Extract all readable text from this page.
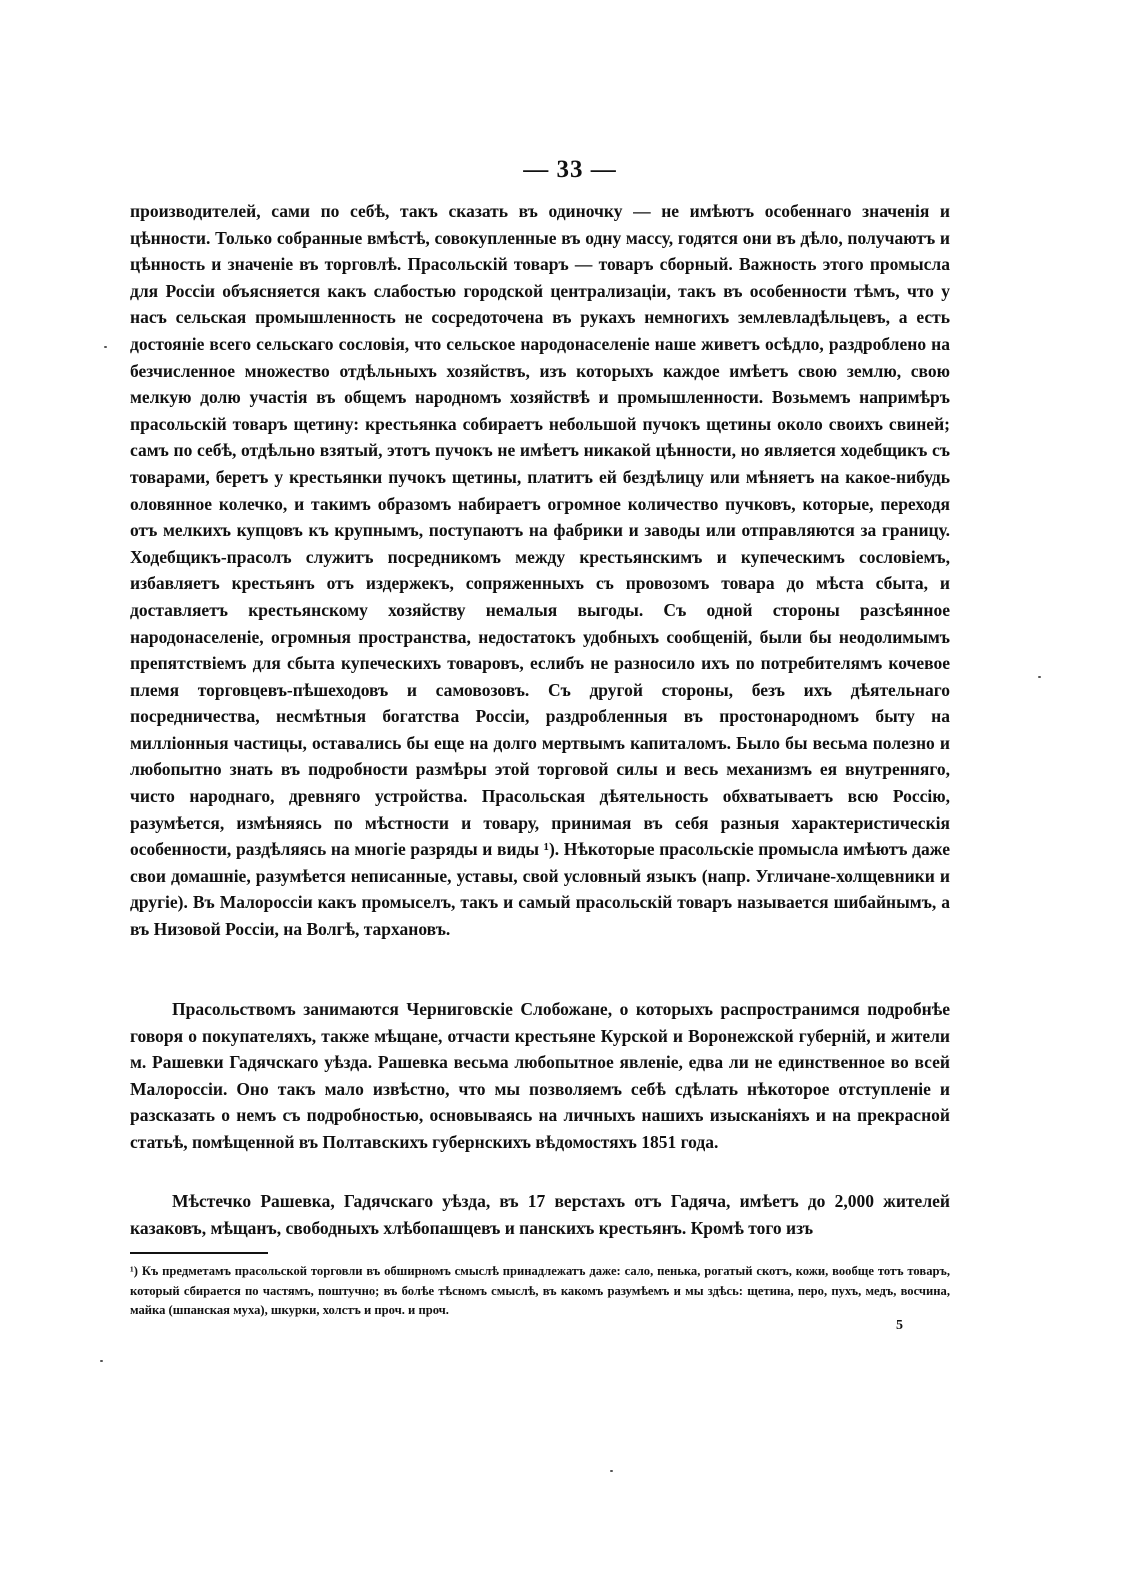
— 33 —

производителей, сами по себѣ, такъ сказать въ одиночку — не имѣютъ особеннаго значенія и цѣнности. Только собранные вмѣстѣ, совокупленные въ одну массу, годятся они въ дѣло, получаютъ и цѣнность и значеніе въ торговлѣ. Прасольскій товаръ — товаръ сборный. Важность этого промысла для Россіи объясняется какъ слабостью городской централизаціи, такъ въ особенности тѣмъ, что у насъ сельская промышленность не сосредоточена въ рукахъ немногихъ землевладѣльцевъ, а есть достояніе всего сельскаго сословія, что сельское народонаселеніе наше живетъ осѣдло, раздроблено на безчисленное множество отдѣльныхъ хозяйствъ, изъ которыхъ каждое имѣетъ свою землю, свою мелкую долю участія въ общемъ народномъ хозяйствѣ и промышленности. Возьмемъ напримѣръ прасольскій товаръ щетину: крестьянка собираетъ небольшой пучокъ щетины около своихъ свиней; самъ по себѣ, отдѣльно взятый, этотъ пучокъ не имѣетъ никакой цѣнности, но является ходебщикъ съ товарами, беретъ у крестьянки пучокъ щетины, платитъ ей бездѣлицу или мѣняетъ на какое-нибудь оловянное колечко, и такимъ образомъ набираетъ огромное количество пучковъ, которые, переходя отъ мелкихъ купцовъ къ крупнымъ, поступаютъ на фабрики и заводы или отправляются за границу. Ходебщикъ-прасолъ служитъ посредникомъ между крестьянскимъ и купеческимъ сословіемъ, избавляетъ крестьянъ отъ издержекъ, сопряженныхъ съ провозомъ товара до мѣста сбыта, и доставляетъ крестьянскому хозяйству немалыя выгоды. Съ одной стороны разсѣянное народонаселеніе, огромныя пространства, недостатокъ удобныхъ сообщеній, были бы неодолимымъ препятствіемъ для сбыта купеческихъ товаровъ, еслибъ не разносило ихъ по потребителямъ кочевое племя торговцевъ-пѣшеходовъ и самовозовъ. Съ другой стороны, безъ ихъ дѣятельнаго посредничества, несмѣтныя богатства Россіи, раздробленныя въ простонародномъ быту на милліонныя частицы, оставались бы еще на долго мертвымъ капиталомъ. Было бы весьма полезно и любопытно знать въ подробности размѣры этой торговой силы и весь механизмъ ея внутренняго, чисто народнаго, древняго устройства. Прасольская дѣятельность обхватываетъ всю Россію, разумѣется, измѣняясь по мѣстности и товару, принимая въ себя разныя характеристическія особенности, раздѣляясь на многіе разряды и виды ¹). Нѣкоторые прасольскіе промысла имѣютъ даже свои домашніе, разумѣется неписанные, уставы, свой условный языкъ (напр. Угличане-холщевники и другіе). Въ Малороссіи какъ промыселъ, такъ и самый прасольскій товаръ называется шибайнымъ, а въ Низовой Россіи, на Волгѣ, тархановъ.

Прасольствомъ занимаются Черниговскіе Слобожане, о которыхъ распространимся подробнѣе говоря о покупателяхъ, также мѣщане, отчасти крестьяне Курской и Воронежской губерній, и жители м. Рашевки Гадячскаго уѣзда. Рашевка весьма любопытное явленіе, едва ли не единственное во всей Малороссіи. Оно такъ мало извѣстно, что мы позволяемъ себѣ сдѣлать нѣкоторое отступленіе и разсказать о немъ съ подробностью, основываясь на личныхъ нашихъ изысканіяхъ и на прекрасной статьѣ, помѣщенной въ Полтавскихъ губернскихъ вѣдомостяхъ 1851 года.

Мѣстечко Рашевка, Гадячскаго уѣзда, въ 17 верстахъ отъ Гадяча, имѣетъ до 2,000 жителей казаковъ, мѣщанъ, свободныхъ хлѣбопашцевъ и панскихъ крестьянъ. Кромѣ того изъ

¹) Къ предметамъ прасольской торговли въ обширномъ смыслѣ принадлежатъ даже: сало, пенька, рогатый скотъ, кожи, вообще тотъ товаръ, который сбирается по частямъ, поштучно; въ болѣе тѣсномъ смыслѣ, въ какомъ разумѣемъ и мы здѣсь: щетина, перо, пухъ, медъ, восчина, майка (шпанская муха), шкурки, холстъ и проч. и проч.

5
